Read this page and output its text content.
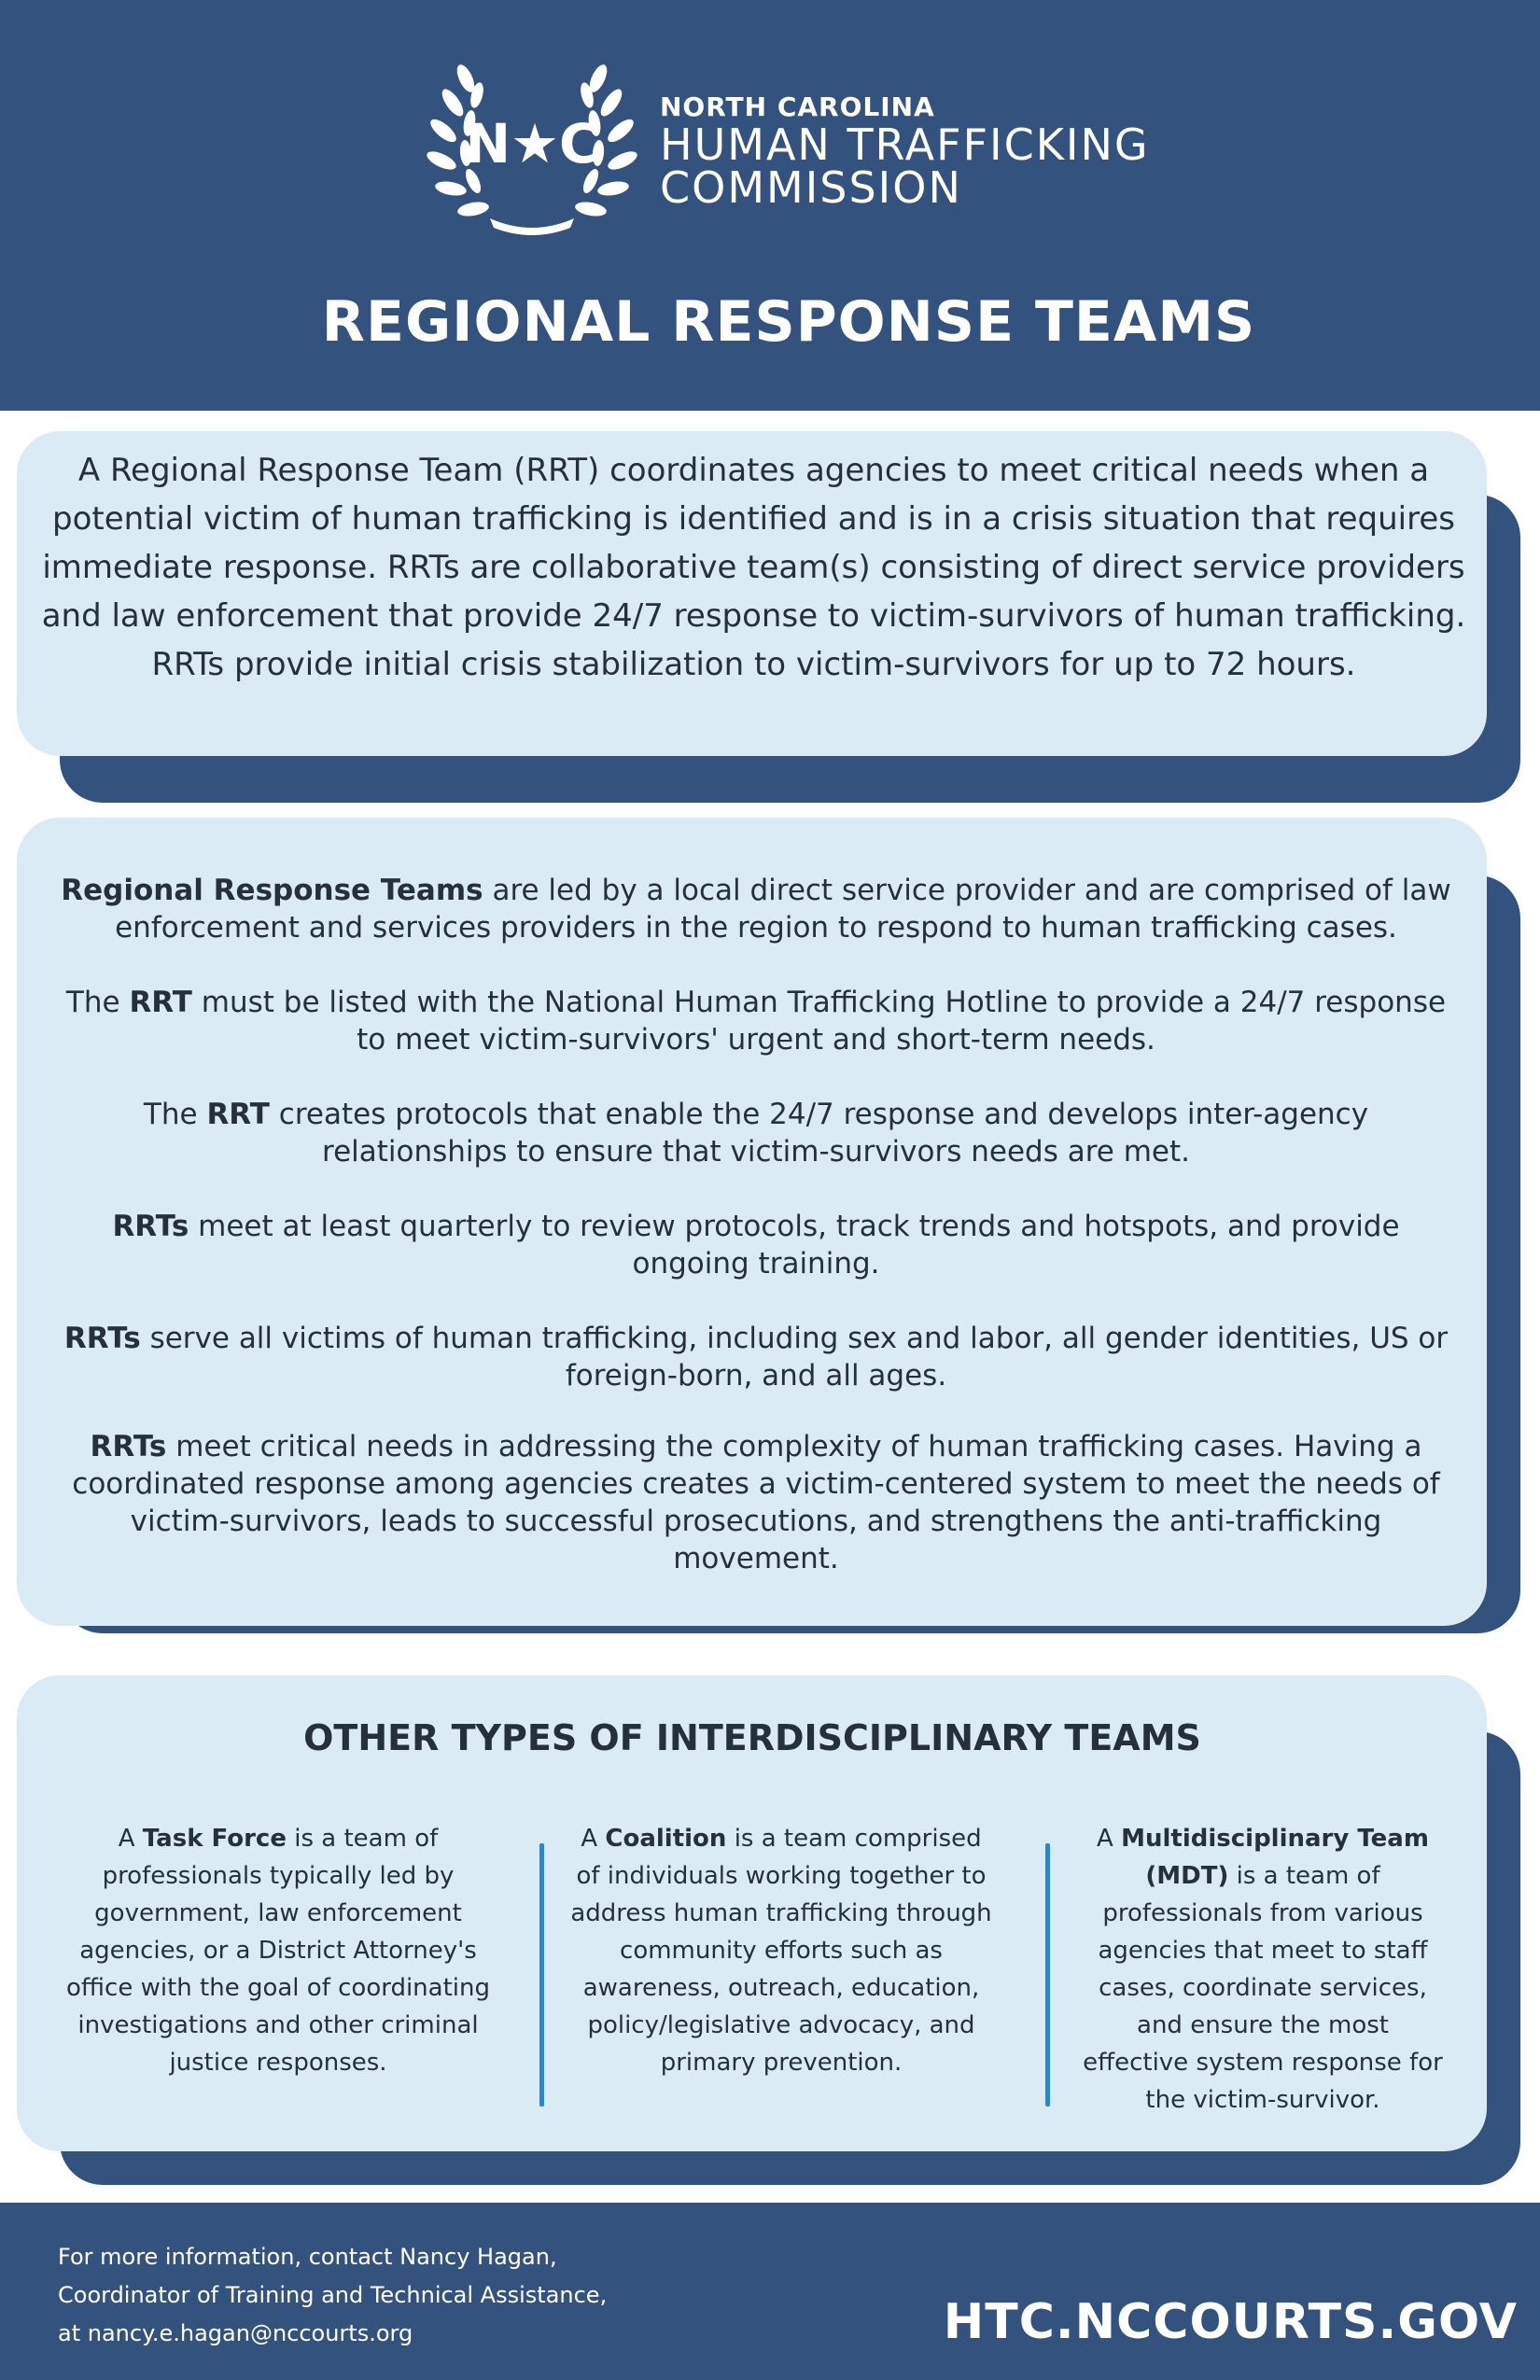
N★C
NORTH CAROLINA
HUMAN TRAFFICKING
COMMISSION
REGIONAL RESPONSE TEAMS

A Regional Response Team (RRT) coordinates agencies to meet critical needs when a potential victim of human trafficking is identified and is in a crisis situation that requires immediate response. RRTs are collaborative team(s) consisting of direct service providers and law enforcement that provide 24/7 response to victim-survivors of human trafficking. RRTs provide initial crisis stabilization to victim-survivors for up to 72 hours.

Regional Response Teams are led by a local direct service provider and are comprised of law enforcement and services providers in the region to respond to human trafficking cases.

The RRT must be listed with the National Human Trafficking Hotline to provide a 24/7 response to meet victim-survivors' urgent and short-term needs.

The RRT creates protocols that enable the 24/7 response and develops inter-agency relationships to ensure that victim-survivors needs are met.

RRTs meet at least quarterly to review protocols, track trends and hotspots, and provide ongoing training.

RRTs serve all victims of human trafficking, including sex and labor, all gender identities, US or foreign-born, and all ages.

RRTs meet critical needs in addressing the complexity of human trafficking cases. Having a coordinated response among agencies creates a victim-centered system to meet the needs of victim-survivors, leads to successful prosecutions, and strengthens the anti-trafficking movement.

OTHER TYPES OF INTERDISCIPLINARY TEAMS

A Task Force is a team of professionals typically led by government, law enforcement agencies, or a District Attorney's office with the goal of coordinating investigations and other criminal justice responses.

A Coalition is a team comprised of individuals working together to address human trafficking through community efforts such as awareness, outreach, education, policy/legislative advocacy, and primary prevention.

A Multidisciplinary Team (MDT) is a team of professionals from various agencies that meet to staff cases, coordinate services, and ensure the most effective system response for the victim-survivor.

For more information, contact Nancy Hagan,
Coordinator of Training and Technical Assistance,
at nancy.e.hagan@nccourts.org	HTC.NCCOURTS.GOV
